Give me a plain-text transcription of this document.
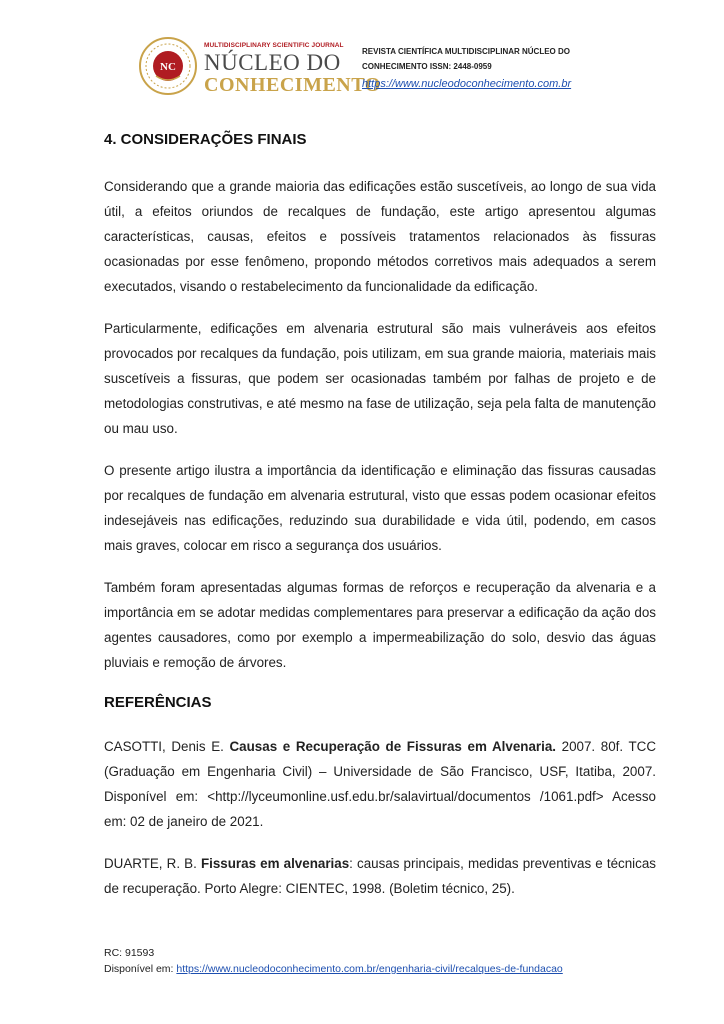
NC
MULTIDISCIPLINARY SCIENTIFIC JOURNAL
NÚCLEO DO
CONHECIMENTO
REVISTA CIENTÍFICA MULTIDISCIPLINAR NÚCLEO DO
CONHECIMENTO ISSN: 2448-0959
https://www.nucleodoconhecimento.com.br
4. CONSIDERAÇÕES FINAIS

Considerando que a grande maioria das edificações estão suscetíveis, ao longo de sua vida útil, a efeitos oriundos de recalques de fundação, este artigo apresentou algumas características, causas, efeitos e possíveis tratamentos relacionados às fissuras ocasionadas por esse fenômeno, propondo métodos corretivos mais adequados a serem executados, visando o restabelecimento da funcionalidade da edificação.

Particularmente, edificações em alvenaria estrutural são mais vulneráveis aos efeitos provocados por recalques da fundação, pois utilizam, em sua grande maioria, materiais mais suscetíveis a fissuras, que podem ser ocasionadas também por falhas de projeto e de metodologias construtivas, e até mesmo na fase de utilização, seja pela falta de manutenção ou mau uso.

O presente artigo ilustra a importância da identificação e eliminação das fissuras causadas por recalques de fundação em alvenaria estrutural, visto que essas podem ocasionar efeitos indesejáveis nas edificações, reduzindo sua durabilidade e vida útil, podendo, em casos mais graves, colocar em risco a segurança dos usuários.

Também foram apresentadas algumas formas de reforços e recuperação da alvenaria e a importância em se adotar medidas complementares para preservar a edificação da ação dos agentes causadores, como por exemplo a impermeabilização do solo, desvio das águas pluviais e remoção de árvores.

REFERÊNCIAS

CASOTTI, Denis E. Causas e Recuperação de Fissuras em Alvenaria. 2007. 80f. TCC (Graduação em Engenharia Civil) – Universidade de São Francisco, USF, Itatiba, 2007. Disponível em: <http://lyceumonline.usf.edu.br/salavirtual/documentos /1061.pdf> Acesso em: 02 de janeiro de 2021.

DUARTE, R. B. Fissuras em alvenarias: causas principais, medidas preventivas e técnicas de recuperação. Porto Alegre: CIENTEC, 1998. (Boletim técnico, 25).

RC: 91593
Disponível em: https://www.nucleodoconhecimento.com.br/engenharia-civil/recalques-de-fundacao
